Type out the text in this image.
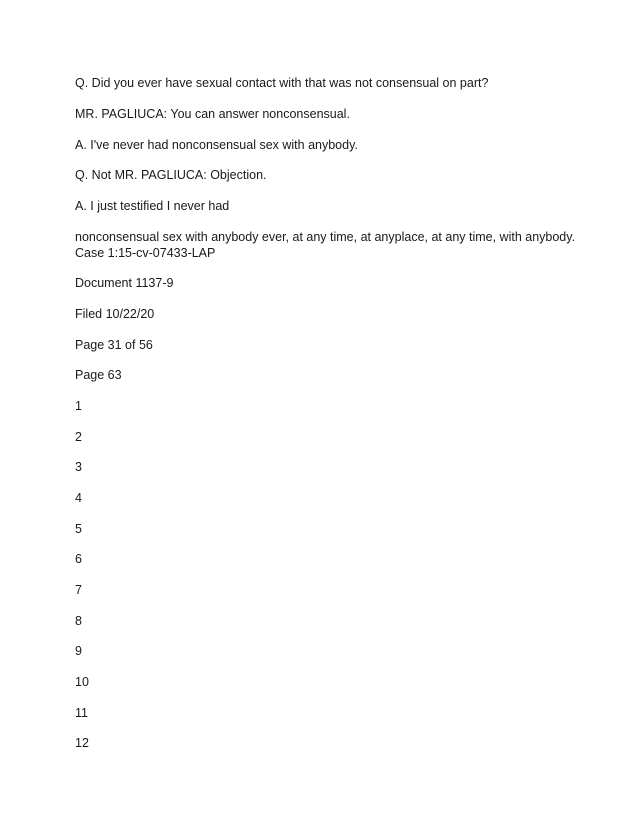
Q. Did you ever have sexual contact with that was not consensual on part?

MR. PAGLIUCA: You can answer nonconsensual.

A. I've never had nonconsensual sex with anybody.

Q. Not MR. PAGLIUCA: Objection.

A. I just testified I never had

nonconsensual sex with anybody ever, at any time, at anyplace, at any time, with anybody.

Case 1:15-cv-07433-LAP

Document 1137-9

Filed 10/22/20

Page 31 of 56

Page 63

1

2

3

4

5

6

7

8

9

10

11

12
